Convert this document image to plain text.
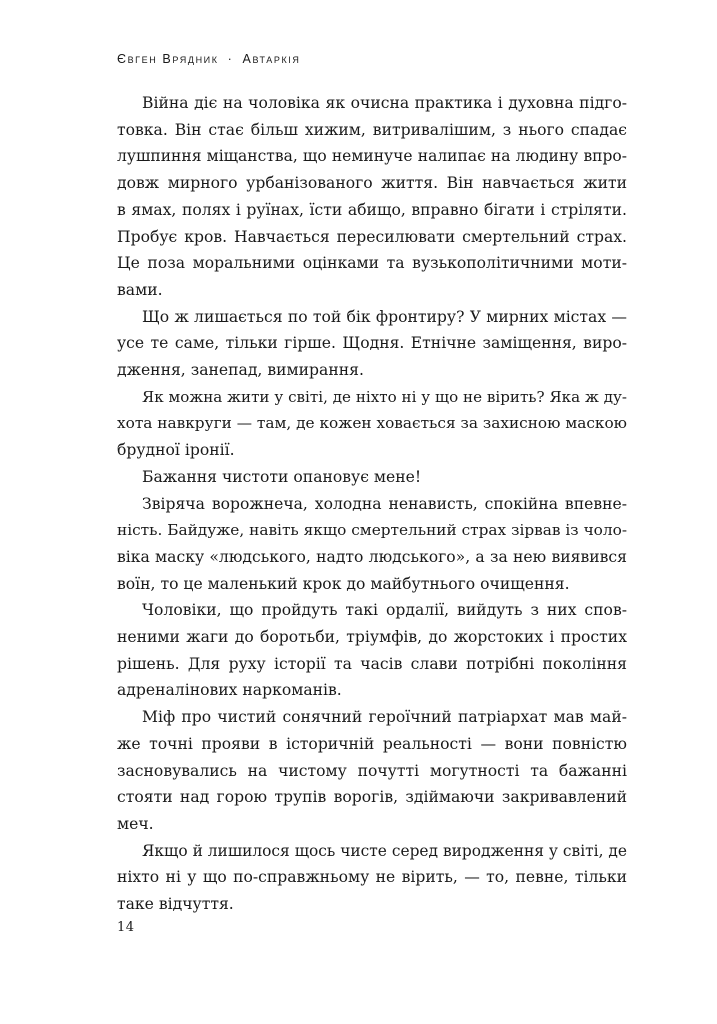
Євген Врядник · Автаркія
Війна діє на чоловіка як очисна практика і духовна підго-
товка. Він стає більш хижим, витривалішим, з нього спадає
лушпиння міщанства, що неминуче налипає на людину впро-
довж мирного урбанізованого життя. Він навчається жити
в ямах, полях і руїнах, їсти абищо, вправно бігати і стріляти.
Пробує кров. Навчається пересилювати смертельний страх.
Це поза моральними оцінками та вузькополітичними моти-
вами.
Що ж лишається по той бік фронтиру? У мирних містах —
усе те саме, тільки гірше. Щодня. Етнічне заміщення, виро-
дження, занепад, вимирання.
Як можна жити у світі, де ніхто ні у що не вірить? Яка ж ду-
хота навкруги — там, де кожен ховається за захисною маскою
брудної іронії.
Бажання чистоти опановує мене!
Звіряча ворожнеча, холодна ненависть, спокійна впевне-
ність. Байдуже, навіть якщо смертельний страх зірвав із чоло-
віка маску «людського, надто людського», а за нею виявився
воїн, то це маленький крок до майбутнього очищення.
Чоловіки, що пройдуть такі ордалії, вийдуть з них спов-
неними жаги до боротьби, тріумфів, до жорстоких і простих
рішень. Для руху історії та часів слави потрібні покоління
адреналінових наркоманів.
Міф про чистий сонячний героїчний патріархат мав май-
же точні прояви в історичній реальності — вони повністю
засновувались на чистому почутті могутності та бажанні
стояти над горою трупів ворогів, здіймаючи закривавлений
меч.
Якщо й лишилося щось чисте серед виродження у світі, де
ніхто ні у що по-справжньому не вірить, — то, певне, тільки
таке відчуття.
14
